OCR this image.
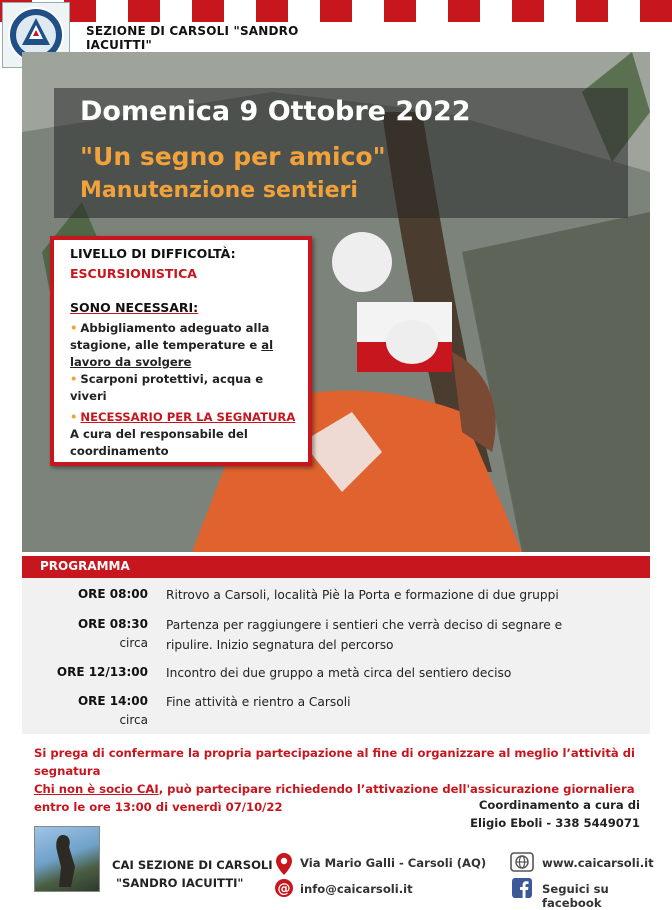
SEZIONE DI CARSOLI "SANDRO IACUITTI"
Domenica 9 Ottobre 2022
"Un segno per amico"
Manutenzione sentieri
LIVELLO DI DIFFICOLTÀ:
ESCURSIONISTICA
SONO NECESSARI:
• Abbigliamento adeguato alla stagione, alle temperature e al lavoro da svolgere
• Scarponi protettivi, acqua e viveri
• NECESSARIO PER LA SEGNATURA
A cura del responsabile del coordinamento
PROGRAMMA
ORE 08:00 Ritrovo a Carsoli, località Piè la Porta e formazione di due gruppi
ORE 08:30
circa
Partenza per raggiungere i sentieri che verrà deciso di segnare e ripulire. Inizio segnatura del percorso
ORE 12/13:00 Incontro dei due gruppo a metà circa del sentiero deciso
ORE 14:00
circa
Fine attività e rientro a Carsoli
Si prega di confermare la propria partecipazione al fine di organizzare al meglio l’attività di segnatura
Chi non è socio CAI, può partecipare richiedendo l’attivazione dell'assicurazione giornaliera
entro le ore 13:00 di venerdì 07/10/22	Coordinamento a cura di
Eligio Eboli - 338 5449071
CAI SEZIONE DI CARSOLI
"SANDRO IACUITTI"
Via Mario Galli - Carsoli (AQ)
@ info@caicarsoli.it
www.caicarsoli.it
Seguici su facebook
